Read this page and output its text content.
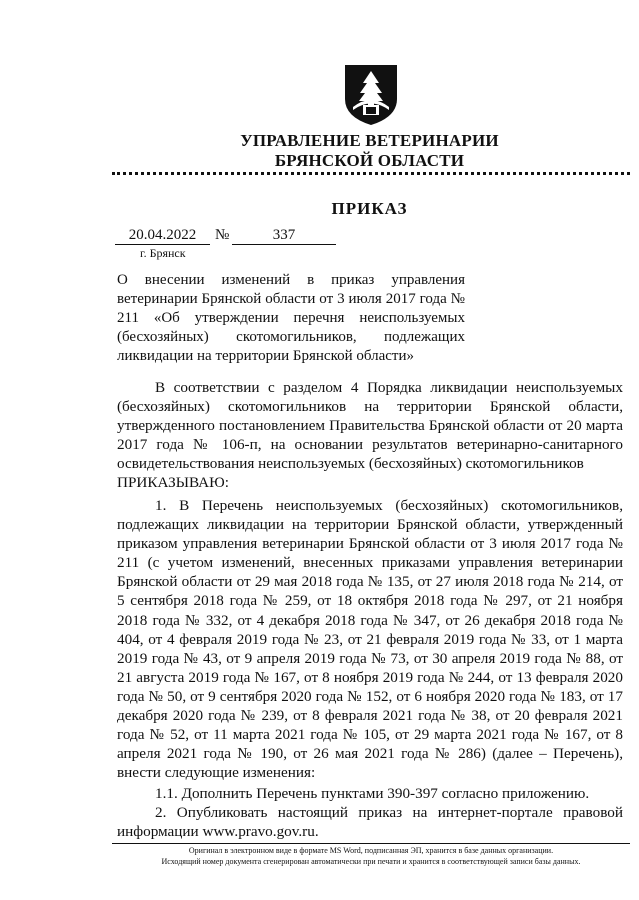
УПРАВЛЕНИЕ ВЕТЕРИНАРИИ
БРЯНСКОЙ ОБЛАСТИ
ПРИКАЗ
20.04.2022	№	337
г. Брянск
О внесении изменений в приказ управления ветеринарии Брянской области от 3 июля 2017 года № 211 «Об утверждении перечня неиспользуемых (бесхозяйных) скотомогильников, подлежащих ликвидации на территории Брянской области»
В соответствии с разделом 4 Порядка ликвидации неиспользуемых (бесхозяйных) скотомогильников на территории Брянской области, утвержденного постановлением Правительства Брянской области от 20 марта 2017 года № 106-п, на основании результатов ветеринарно-санитарного освидетельствования неиспользуемых (бесхозяйных) скотомогильников
ПРИКАЗЫВАЮ:
1. В Перечень неиспользуемых (бесхозяйных) скотомогильников, подлежащих ликвидации на территории Брянской области, утвержденный приказом управления ветеринарии Брянской области от 3 июля 2017 года № 211 (с учетом изменений, внесенных приказами управления ветеринарии Брянской области от 29 мая 2018 года № 135, от 27 июля 2018 года № 214, от 5 сентября 2018 года № 259, от 18 октября 2018 года № 297, от 21 ноября 2018 года № 332, от 4 декабря 2018 года № 347, от 26 декабря 2018 года № 404, от 4 февраля 2019 года № 23, от 21 февраля 2019 года № 33, от 1 марта 2019 года № 43, от 9 апреля 2019 года № 73, от 30 апреля 2019 года № 88, от 21 августа 2019 года № 167, от 8 ноября 2019 года № 244, от 13 февраля 2020 года № 50, от 9 сентября 2020 года № 152, от 6 ноября 2020 года № 183, от 17 декабря 2020 года № 239, от 8 февраля 2021 года № 38, от 20 февраля 2021 года № 52, от 11 марта 2021 года № 105, от 29 марта 2021 года № 167, от 8 апреля 2021 года № 190, от 26 мая 2021 года № 286) (далее – Перечень), внести следующие изменения:
1.1. Дополнить Перечень пунктами 390-397 согласно приложению.
2. Опубликовать настоящий приказ на интернет-портале правовой информации www.pravo.gov.ru.
Оригинал в электронном виде в формате MS Word, подписанная ЭП, хранится в базе данных организации.
Исходящий номер документа сгенерирован автоматически при печати и хранится в соответствующей записи базы данных.
